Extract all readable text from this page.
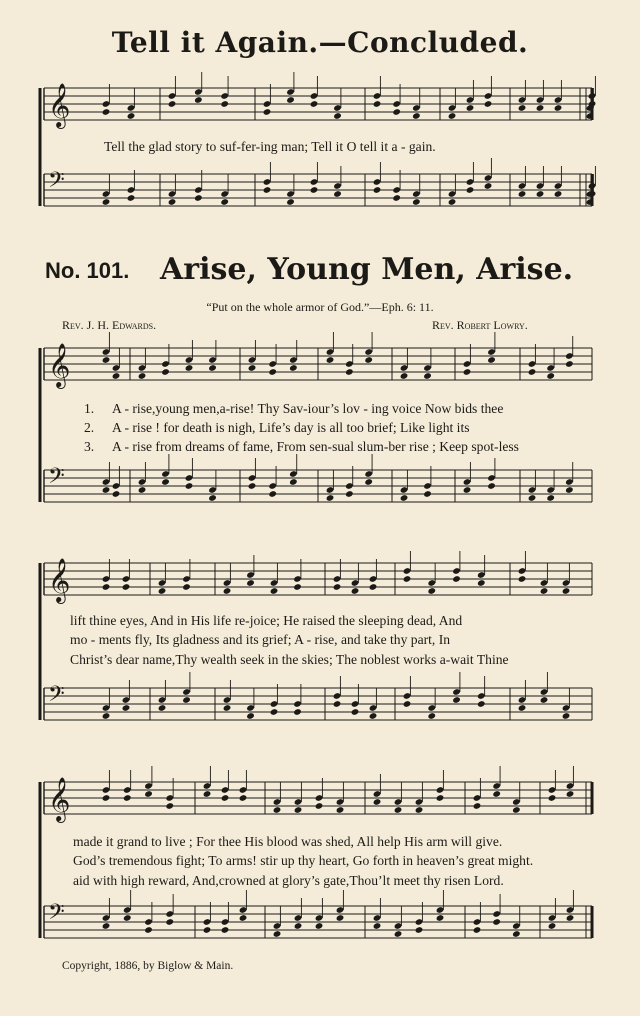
Tell it Again.—Concluded.
Tell the glad story to suf-fer-ing man; Tell it O tell it a - gain.
No. 101. Arise, Young Men, Arise.
“Put on the whole armor of God.”—Eph. 6: 11.
Rev. J. H. Edwards.	Rev. Robert Lowry.
1. A - rise,young men,a-rise! Thy Sav-iour’s lov - ing voice Now bids thee
2. A - rise ! for death is nigh, Life’s day is all too brief; Like light its
3. A - rise from dreams of fame, From sen-sual slum-ber rise ; Keep spot-less
lift thine eyes, And in His life re-joice; He raised the sleeping dead, And
mo - ments fly, Its gladness and its grief; A - rise, and take thy part, In
Christ’s dear name,Thy wealth seek in the skies; The noblest works a-wait Thine
made it grand to live ; For thee His blood was shed, All help His arm will give.
God’s tremendous fight; To arms! stir up thy heart, Go forth in heaven’s great might.
aid with high reward, And,crowned at glory’s gate,Thou’lt meet thy risen Lord.
Copyright, 1886, by Biglow & Main.
𝄞
𝄢
𝄞
𝄢
𝄞
𝄢
𝄞
𝄢
